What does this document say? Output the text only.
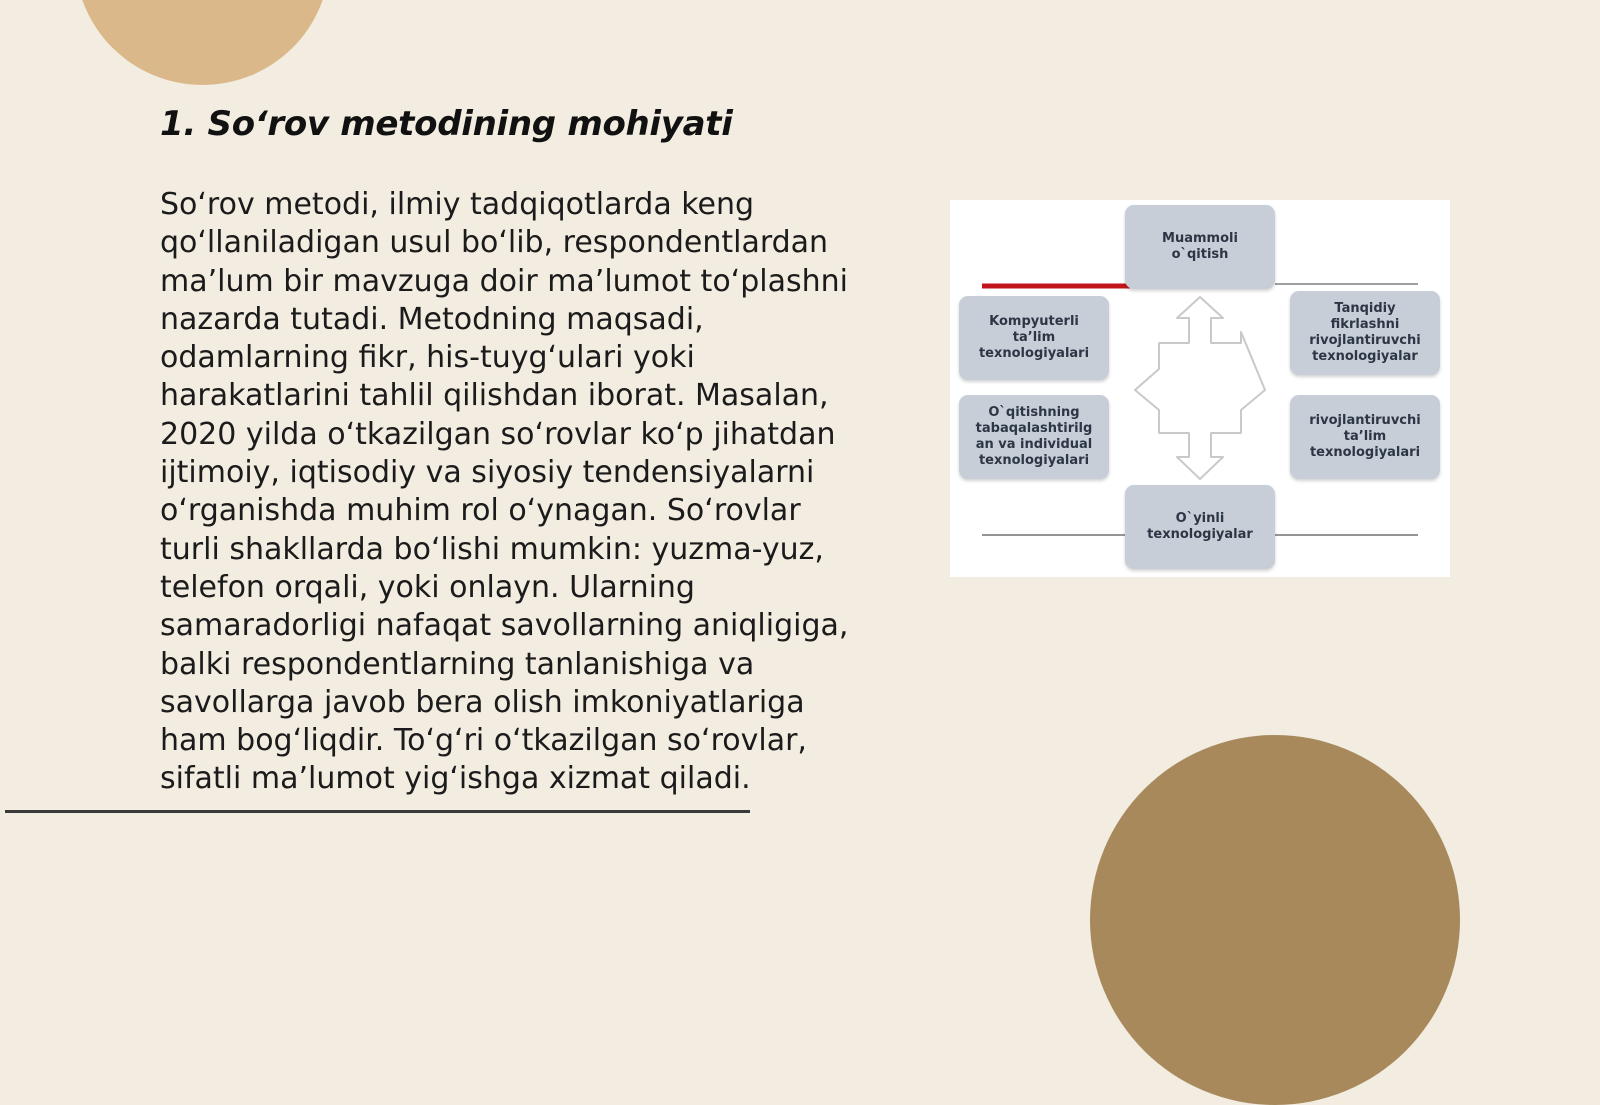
1. So‘rov metodining mohiyati

So‘rov metodi, ilmiy tadqiqotlarda keng qo‘llaniladigan usul bo‘lib, respondentlardan ma’lum bir mavzuga doir ma’lumot to‘plashni nazarda tutadi. Metodning maqsadi, odamlarning fikr, his-tuyg‘ulari yoki harakatlarini tahlil qilishdan iborat. Masalan, 2020 yilda o‘tkazilgan so‘rovlar ko‘p jihatdan ijtimoiy, iqtisodiy va siyosiy tendensiyalarni o‘rganishda muhim rol o‘ynagan. So‘rovlar turli shakllarda bo‘lishi mumkin: yuzma-yuz, telefon orqali, yoki onlayn. Ularning samaradorligi nafaqat savollarning aniqligiga, balki respondentlarning tanlanishiga va savollarga javob bera olish imkoniyatlariga ham bog‘liqdir. To‘g‘ri o‘tkazilgan so‘rovlar, sifatli ma’lumot yig‘ishga xizmat qiladi.

Muammoli
o`qitish
Kompyuterli
ta’lim
texnologiyalari
Tanqidiy
fikrlashni
rivojlantiruvchi
texnologiyalar
O`qitishning
tabaqalashtirilg
an va individual
texnologiyalari
rivojlantiruvchi
ta’lim
texnologiyalari
O`yinli
texnologiyalar
